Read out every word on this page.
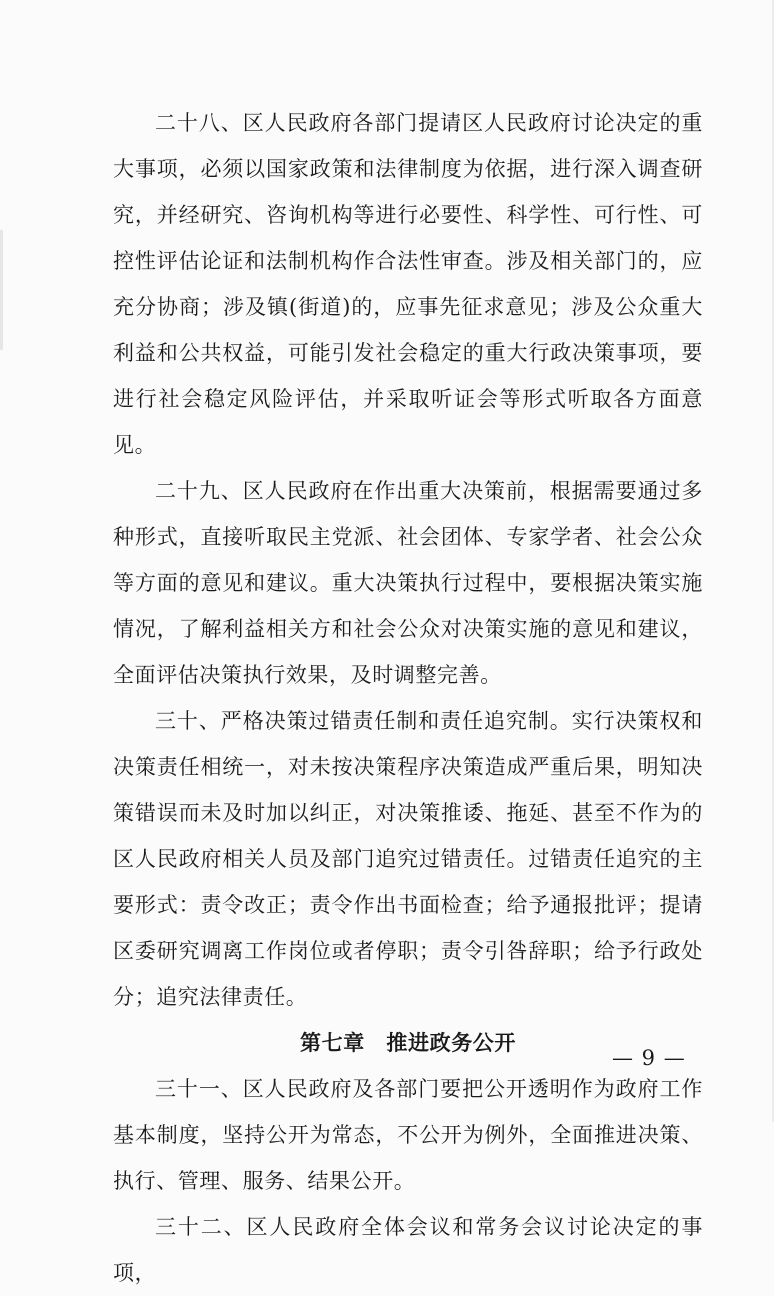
二十八、区人民政府各部门提请区人民政府讨论决定的重大事项，必须以国家政策和法律制度为依据，进行深入调查研究，并经研究、咨询机构等进行必要性、科学性、可行性、可控性评估论证和法制机构作合法性审查。涉及相关部门的，应充分协商；涉及镇(街道)的，应事先征求意见；涉及公众重大利益和公共权益，可能引发社会稳定的重大行政决策事项，要进行社会稳定风险评估，并采取听证会等形式听取各方面意见。

二十九、区人民政府在作出重大决策前，根据需要通过多种形式，直接听取民主党派、社会团体、专家学者、社会公众等方面的意见和建议。重大决策执行过程中，要根据决策实施情况，了解利益相关方和社会公众对决策实施的意见和建议，全面评估决策执行效果，及时调整完善。

三十、严格决策过错责任制和责任追究制。实行决策权和决策责任相统一，对未按决策程序决策造成严重后果，明知决策错误而未及时加以纠正，对决策推诿、拖延、甚至不作为的区人民政府相关人员及部门追究过错责任。过错责任追究的主要形式：责令改正；责令作出书面检查；给予通报批评；提请区委研究调离工作岗位或者停职；责令引咎辞职；给予行政处分；追究法律责任。

第七章　推进政务公开

三十一、区人民政府及各部门要把公开透明作为政府工作基本制度，坚持公开为常态，不公开为例外，全面推进决策、执行、管理、服务、结果公开。

三十二、区人民政府全体会议和常务会议讨论决定的事项，

— 9 —
